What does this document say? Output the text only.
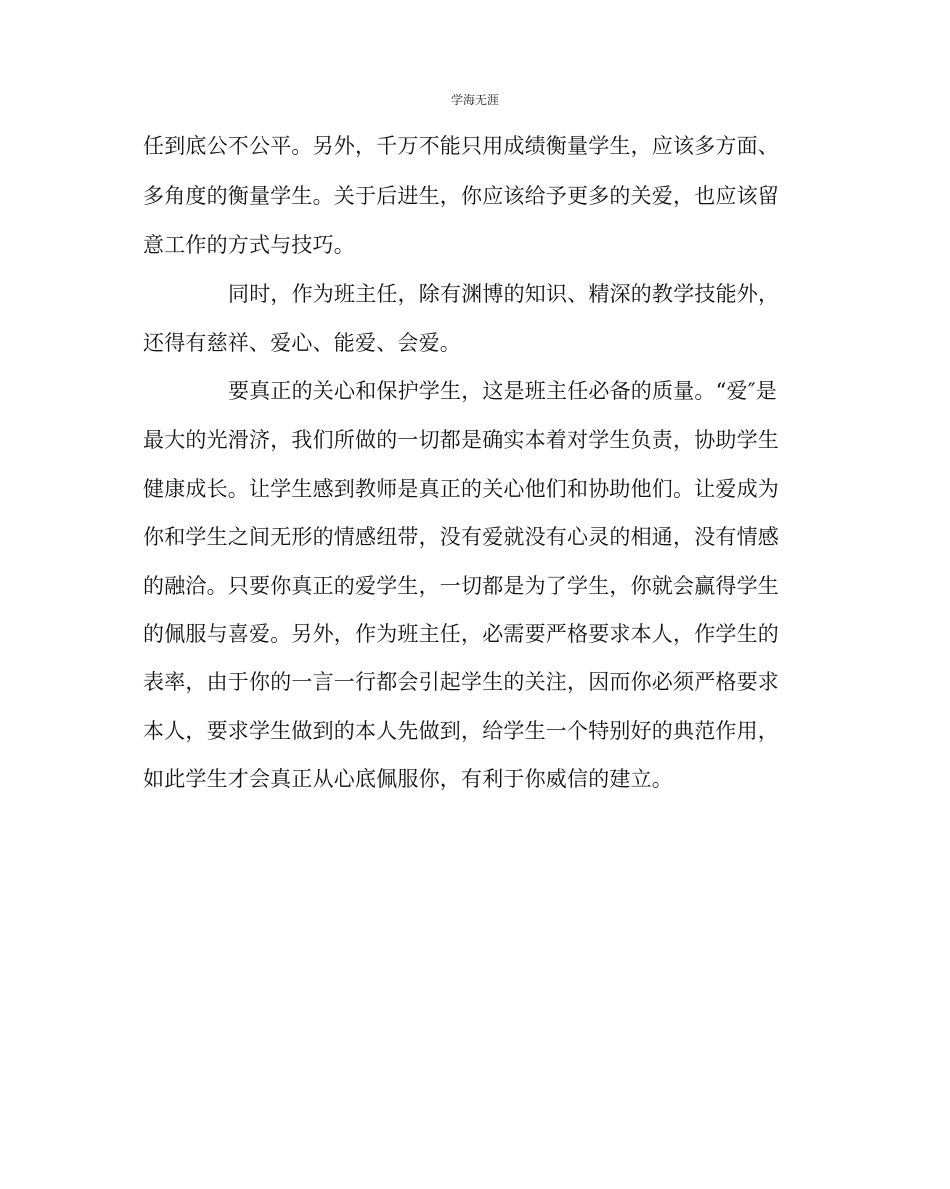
学海无涯
任到底公不公平。另外，千万不能只用成绩衡量学生，应该多方面、
多角度的衡量学生。关于后进生，你应该给予更多的关爱，也应该留
意工作的方式与技巧。
同时，作为班主任，除有渊博的知识、精深的教学技能外，
还得有慈祥、爱心、能爱、会爱。
要真正的关心和保护学生，这是班主任必备的质量。“爱″是
最大的光滑济，我们所做的一切都是确实本着对学生负责，协助学生
健康成长。让学生感到教师是真正的关心他们和协助他们。让爱成为
你和学生之间无形的情感纽带，没有爱就没有心灵的相通，没有情感
的融洽。只要你真正的爱学生，一切都是为了学生，你就会赢得学生
的佩服与喜爱。另外，作为班主任，必需要严格要求本人，作学生的
表率，由于你的一言一行都会引起学生的关注，因而你必须严格要求
本人，要求学生做到的本人先做到，给学生一个特别好的典范作用，
如此学生才会真正从心底佩服你，有利于你威信的建立。
